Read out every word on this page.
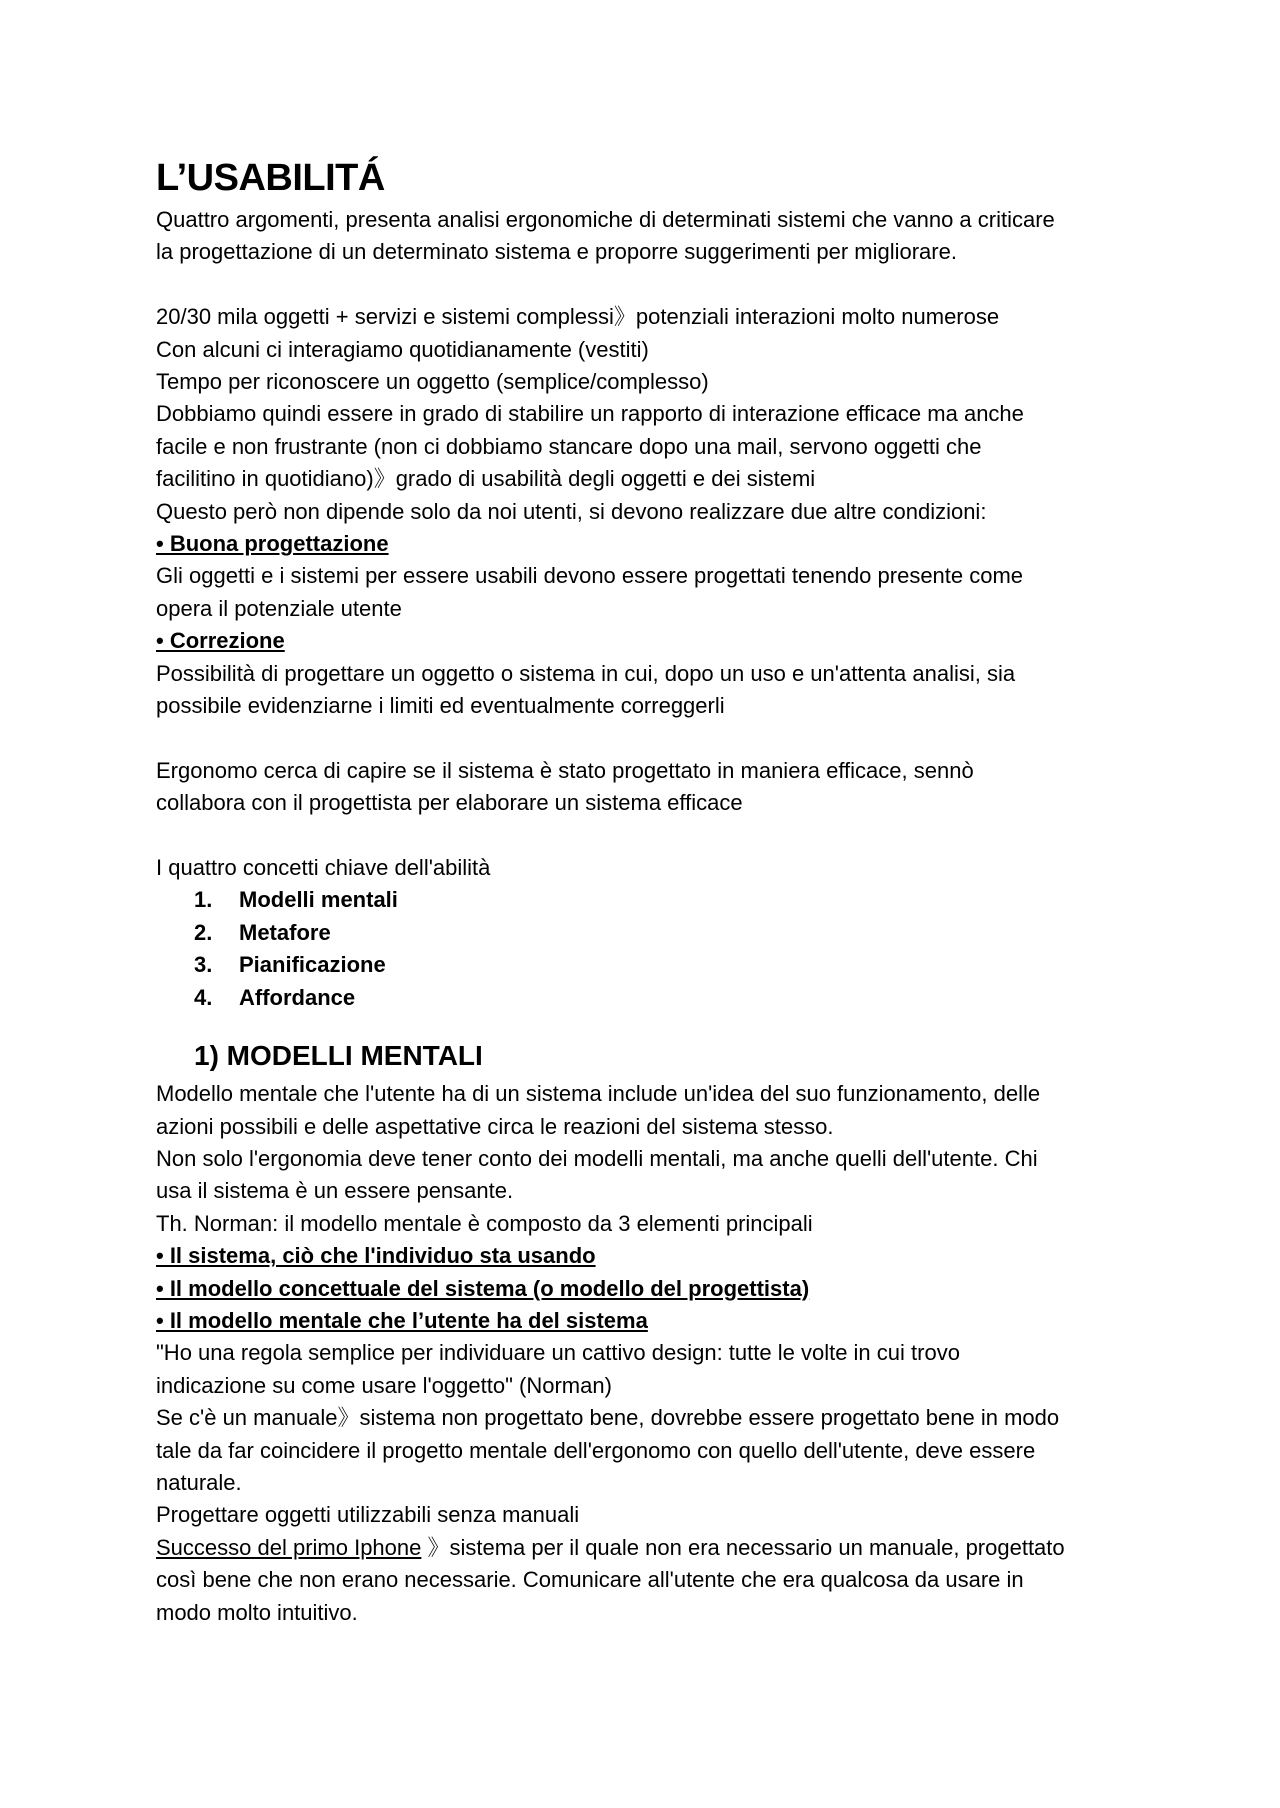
L’USABILITÁ

Quattro argomenti, presenta analisi ergonomiche di determinati sistemi che vanno a criticare

la progettazione di un determinato sistema e proporre suggerimenti per migliorare.

20/30 mila oggetti + servizi e sistemi complessi》potenziali interazioni molto numerose

Con alcuni ci interagiamo quotidianamente (vestiti)

Tempo per riconoscere un oggetto (semplice/complesso)

Dobbiamo quindi essere in grado di stabilire un rapporto di interazione efficace ma anche

facile e non frustrante (non ci dobbiamo stancare dopo una mail, servono oggetti che

facilitino in quotidiano)》grado di usabilità degli oggetti e dei sistemi

Questo però non dipende solo da noi utenti, si devono realizzare due altre condizioni:

• Buona progettazione

Gli oggetti e i sistemi per essere usabili devono essere progettati tenendo presente come

opera il potenziale utente

• Correzione

Possibilità di progettare un oggetto o sistema in cui, dopo un uso e un'attenta analisi, sia

possibile evidenziarne i limiti ed eventualmente correggerli

Ergonomo cerca di capire se il sistema è stato progettato in maniera efficace, sennò

collabora con il progettista per elaborare un sistema efficace

I quattro concetti chiave dell'abilità

1.	Modelli mentali
2.	Metafore
3.	Pianificazione
4.	Affordance
1) MODELLI MENTALI

Modello mentale che l'utente ha di un sistema include un'idea del suo funzionamento, delle

azioni possibili e delle aspettative circa le reazioni del sistema stesso.

Non solo l'ergonomia deve tener conto dei modelli mentali, ma anche quelli dell'utente. Chi

usa il sistema è un essere pensante.

Th. Norman: il modello mentale è composto da 3 elementi principali

• Il sistema, ciò che l'individuo sta usando

• Il modello concettuale del sistema (o modello del progettista)

• Il modello mentale che l’utente ha del sistema

"Ho una regola semplice per individuare un cattivo design: tutte le volte in cui trovo

indicazione su come usare l'oggetto" (Norman)

Se c'è un manuale》sistema non progettato bene, dovrebbe essere progettato bene in modo

tale da far coincidere il progetto mentale dell'ergonomo con quello dell'utente, deve essere

naturale.

Progettare oggetti utilizzabili senza manuali

Successo del primo Iphone 》sistema per il quale non era necessario un manuale, progettato

così bene che non erano necessarie. Comunicare all'utente che era qualcosa da usare in

modo molto intuitivo.
